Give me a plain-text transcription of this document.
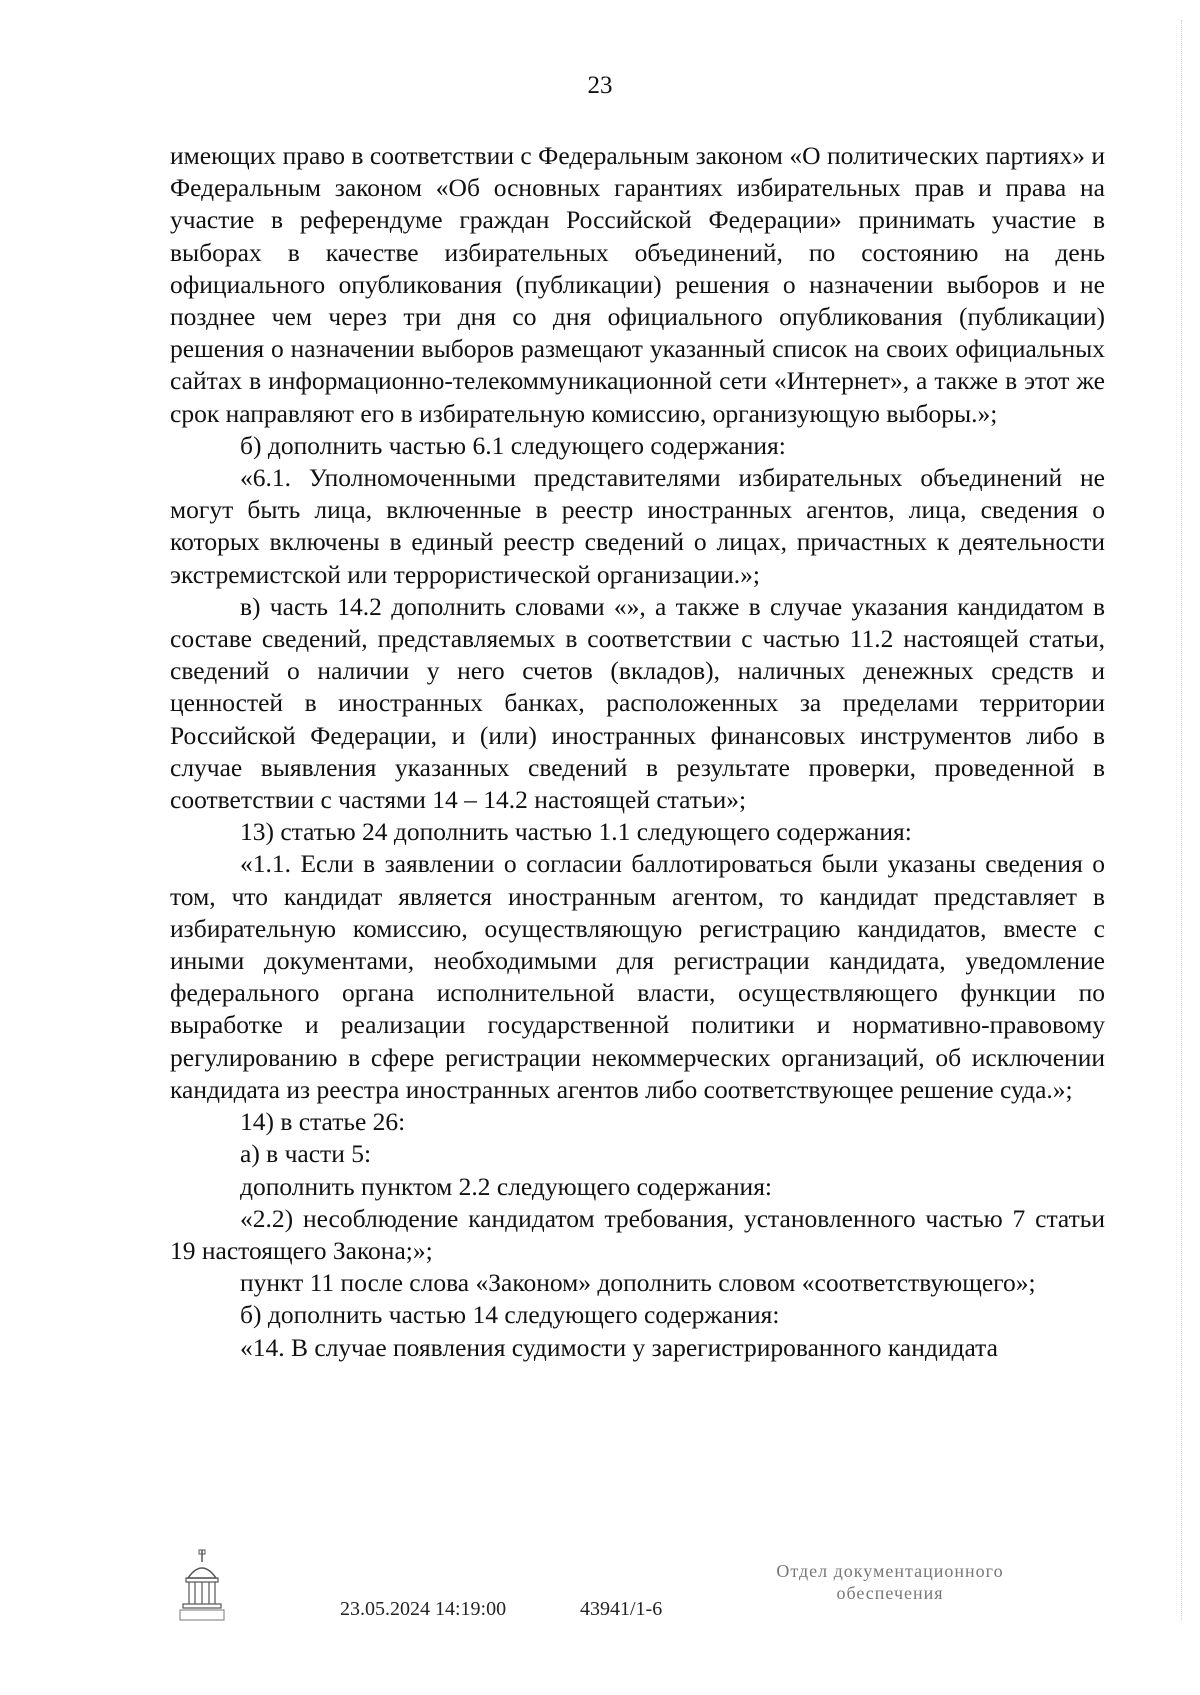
23

имеющих право в соответствии с Федеральным законом «О политических партиях» и Федеральным законом «Об основных гарантиях избирательных прав и права на участие в референдуме граждан Российской Федерации» принимать участие в выборах в качестве избирательных объединений, по состоянию на день официального опубликования (публикации) решения о назначении выборов и не позднее чем через три дня со дня официального опубликования (публикации) решения о назначении выборов размещают указанный список на своих официальных сайтах в информационно-телекоммуникационной сети «Интернет», а также в этот же срок направляют его в избирательную комиссию, организующую выборы.»;

б) дополнить частью 6.1 следующего содержания:

«6.1. Уполномоченными представителями избирательных объединений не могут быть лица, включенные в реестр иностранных агентов, лица, сведения о которых включены в единый реестр сведений о лицах, причастных к деятельности экстремистской или террористической организации.»;

в) часть 14.2 дополнить словами «», а также в случае указания кандидатом в составе сведений, представляемых в соответствии с частью 11.2 настоящей статьи, сведений о наличии у него счетов (вкладов), наличных денежных средств и ценностей в иностранных банках, расположенных за пределами территории Российской Федерации, и (или) иностранных финансовых инструментов либо в случае выявления указанных сведений в результате проверки, проведенной в соответствии с частями 14 – 14.2 настоящей статьи»;

13) статью 24 дополнить частью 1.1 следующего содержания:

«1.1. Если в заявлении о согласии баллотироваться были указаны сведения о том, что кандидат является иностранным агентом, то кандидат представляет в избирательную комиссию, осуществляющую регистрацию кандидатов, вместе с иными документами, необходимыми для регистрации кандидата, уведомление федерального органа исполнительной власти, осуществляющего функции по выработке и реализации государственной политики и нормативно-правовому регулированию в сфере регистрации некоммерческих организаций, об исключении кандидата из реестра иностранных агентов либо соответствующее решение суда.»;

14) в статье 26:

а) в части 5:

дополнить пунктом 2.2 следующего содержания:

«2.2) несоблюдение кандидатом требования, установленного частью 7 статьи 19 настоящего Закона;»;

пункт 11 после слова «Законом» дополнить словом «соответствующего»;

б) дополнить частью 14 следующего содержания:

«14. В случае появления судимости у зарегистрированного кандидата

23.05.2024 14:19:00	43941/1-6
Отдел документационного
обеспечения
